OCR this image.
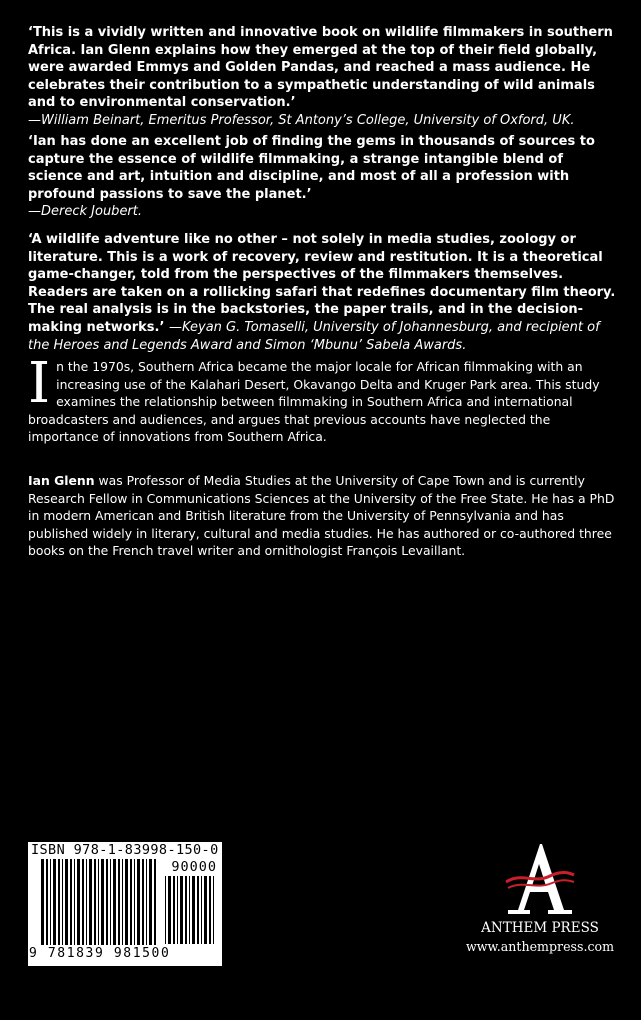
‘This is a vividly written and innovative book on wildlife filmmakers in southern Africa. Ian Glenn explains how they emerged at the top of their field globally, were awarded Emmys and Golden Pandas, and reached a mass audience. He celebrates their contribution to a sympathetic understanding of wild animals and to environmental conservation.’
—William Beinart, Emeritus Professor, St Antony’s College, University of Oxford, UK.

‘Ian has done an excellent job of finding the gems in thousands of sources to capture the essence of wildlife filmmaking, a strange intangible blend of science and art, intuition and discipline, and most of all a profession with profound passions to save the planet.’
—Dereck Joubert.

‘A wildlife adventure like no other – not solely in media studies, zoology or literature. This is a work of recovery, review and restitution. It is a theoretical game-changer, told from the perspectives of the filmmakers themselves. Readers are taken on a rollicking safari that redefines documentary film theory. The real analysis is in the backstories, the paper trails, and in the decision-making networks.’ —Keyan G. Tomaselli, University of Johannesburg, and recipient of the Heroes and Legends Award and Simon ‘Mbunu’ Sabela Awards.

In the 1970s, Southern Africa became the major locale for African filmmaking with an increasing use of the Kalahari Desert, Okavango Delta and Kruger Park area. This study examines the relationship between filmmaking in Southern Africa and international broadcasters and audiences, and argues that previous accounts have neglected the importance of innovations from Southern Africa.

Ian Glenn was Professor of Media Studies at the University of Cape Town and is currently Research Fellow in Communications Sciences at the University of the Free State. He has a PhD in modern American and British literature from the University of Pennsylvania and has published widely in literary, cultural and media studies. He has authored or co-authored three books on the French travel writer and ornithologist François Levaillant.

ISBN 978-1-83998-150-0
90000
9 781839 981500
ANTHEM PRESS
www.anthempress.com
